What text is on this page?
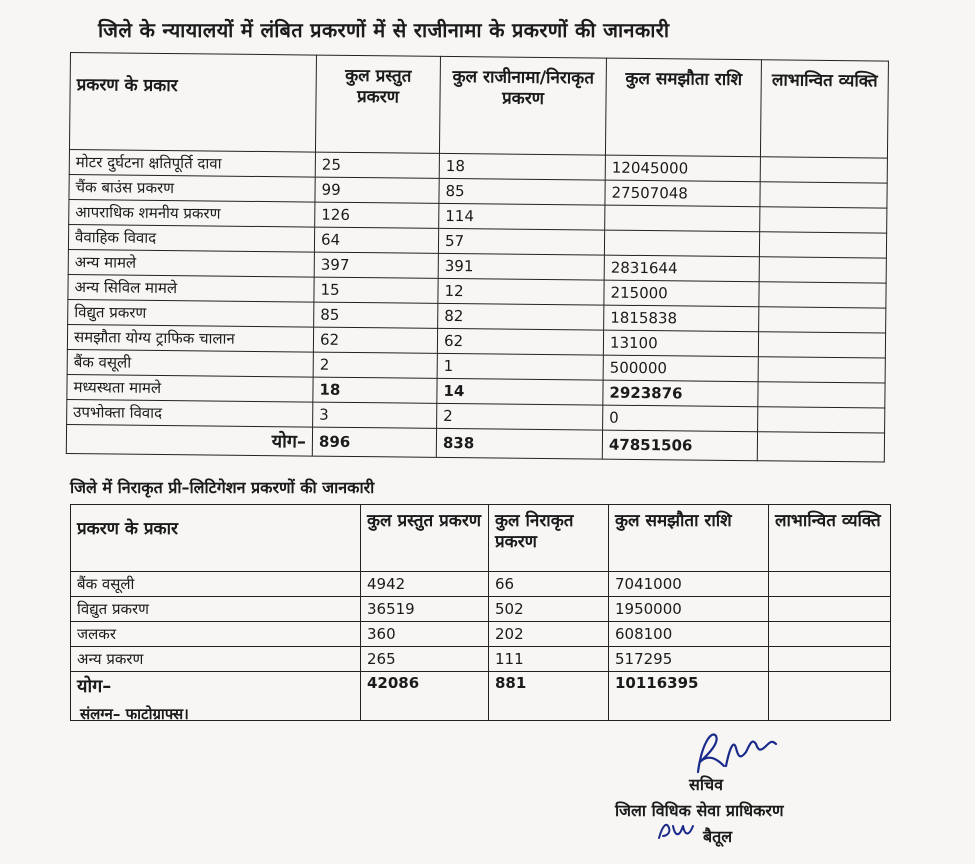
जिले के न्यायालयों में लंबित प्रकरणों में से राजीनामा के प्रकरणों की जानकारी
प्रकरण के प्रकार	कुल प्रस्तुत प्रकरण	कुल राजीनामा/निराकृत प्रकरण	कुल समझौता राशि	लाभान्वित व्यक्ति
मोटर दुर्घटना क्षतिपूर्ति दावा	25	18	12045000	
चैंक बाउंस प्रकरण	99	85	27507048	
आपराधिक शमनीय प्रकरण	126	114		
वैवाहिक विवाद	64	57		
अन्य मामले	397	391	2831644	
अन्य सिविल मामले	15	12	215000	
विद्युत प्रकरण	85	82	1815838	
समझौता योग्य ट्राफिक चालान	62	62	13100	
बैंक वसूली	2	1	500000	
मध्यस्थता मामले	18	14	2923876	
उपभोक्ता विवाद	3	2	0	
योग–	896	838	47851506	
जिले में निराकृत प्री–लिटिगेशन प्रकरणों की जानकारी
प्रकरण के प्रकार	कुल प्रस्तुत प्रकरण	कुल निराकृत प्रकरण	कुल समझौता राशि	लाभान्वित व्यक्ति
बैंक वसूली	4942	66	7041000	
विद्युत प्रकरण	36519	502	1950000	
जलकर	360	202	608100	
अन्य प्रकरण	265	111	517295	
योग–	42086	881	10116395	
संलग्न– फाटोग्राफ्स।
सचिव
जिला विधिक सेवा प्राधिकरण
बैतूल
